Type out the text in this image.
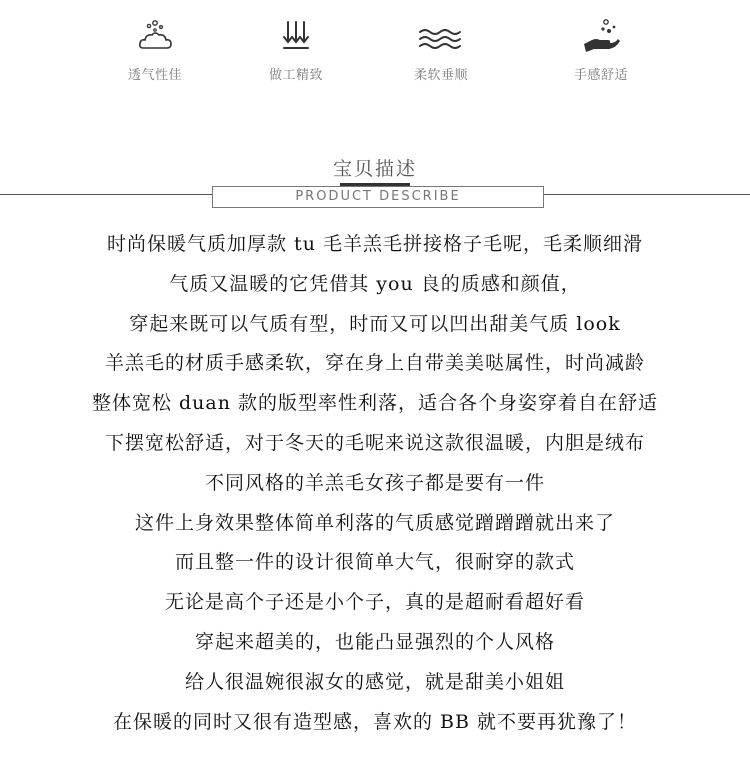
透气性佳	做工精致	柔软垂顺	手感舒适
宝贝描述
PRODUCT DESCRIBE
时尚保暖气质加厚款 tu 毛羊羔毛拼接格子毛呢，毛柔顺细滑
气质又温暖的它凭借其 you 良的质感和颜值，
穿起来既可以气质有型，时而又可以凹出甜美气质 look
羊羔毛的材质手感柔软，穿在身上自带美美哒属性，时尚减龄
整体宽松 duan 款的版型率性利落，适合各个身姿穿着自在舒适
下摆宽松舒适，对于冬天的毛呢来说这款很温暖，内胆是绒布
不同风格的羊羔毛女孩子都是要有一件
这件上身效果整体简单利落的气质感觉蹭蹭蹭就出来了
而且整一件的设计很简单大气，很耐穿的款式
无论是高个子还是小个子，真的是超耐看超好看
穿起来超美的，也能凸显强烈的个人风格
给人很温婉很淑女的感觉，就是甜美小姐姐
在保暖的同时又很有造型感，喜欢的 BB 就不要再犹豫了！
